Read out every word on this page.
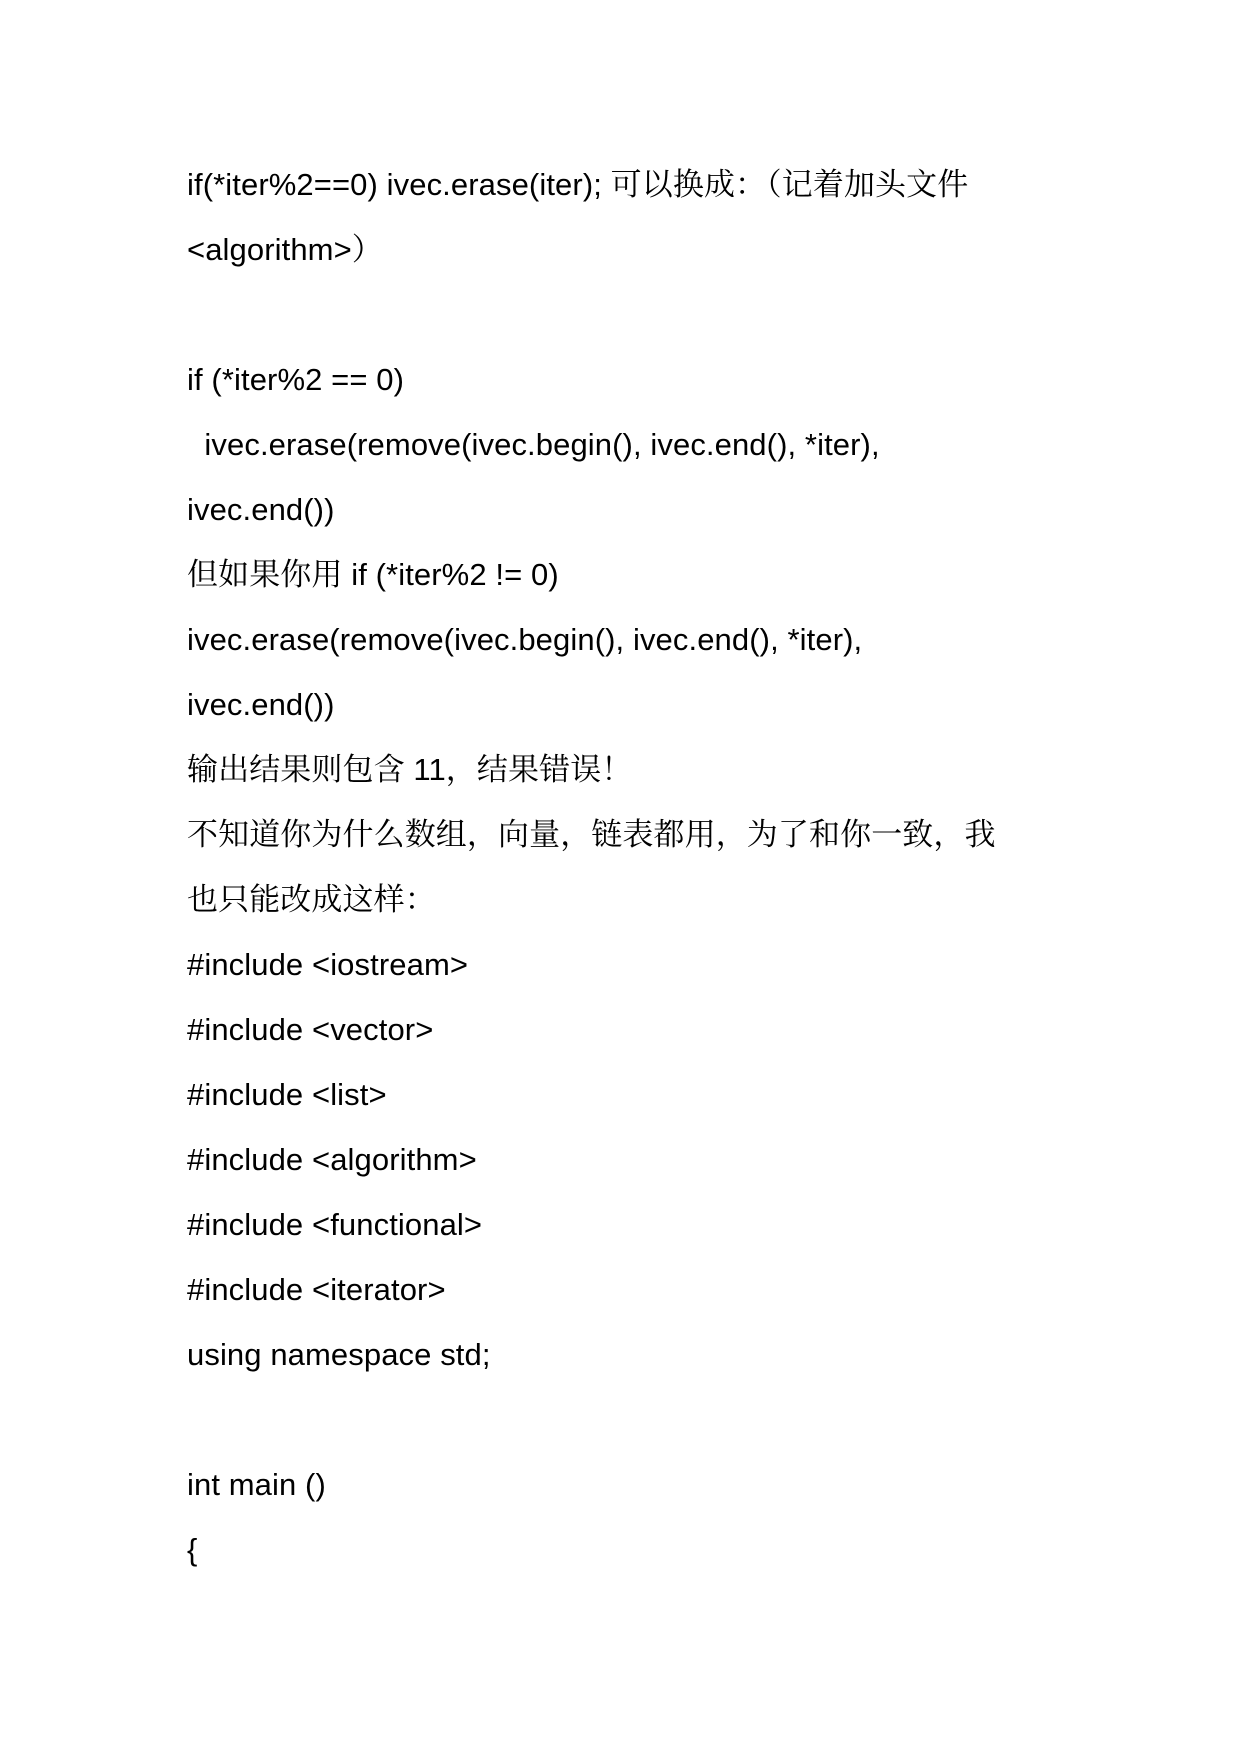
if(*iter%2==0) ivec.erase(iter); 可以换成：（记着加头文件
<algorithm>）
if (*iter%2 == 0)
ivec.erase(remove(ivec.begin(), ivec.end(), *iter),
ivec.end())
但如果你用 if (*iter%2 != 0)
ivec.erase(remove(ivec.begin(), ivec.end(), *iter),
ivec.end())
输出结果则包含 11，结果错误！
不知道你为什么数组，向量，链表都用，为了和你一致，我
也只能改成这样：
#include <iostream>
#include <vector>
#include <list>
#include <algorithm>
#include <functional>
#include <iterator>
using namespace std;
int main ()
{
